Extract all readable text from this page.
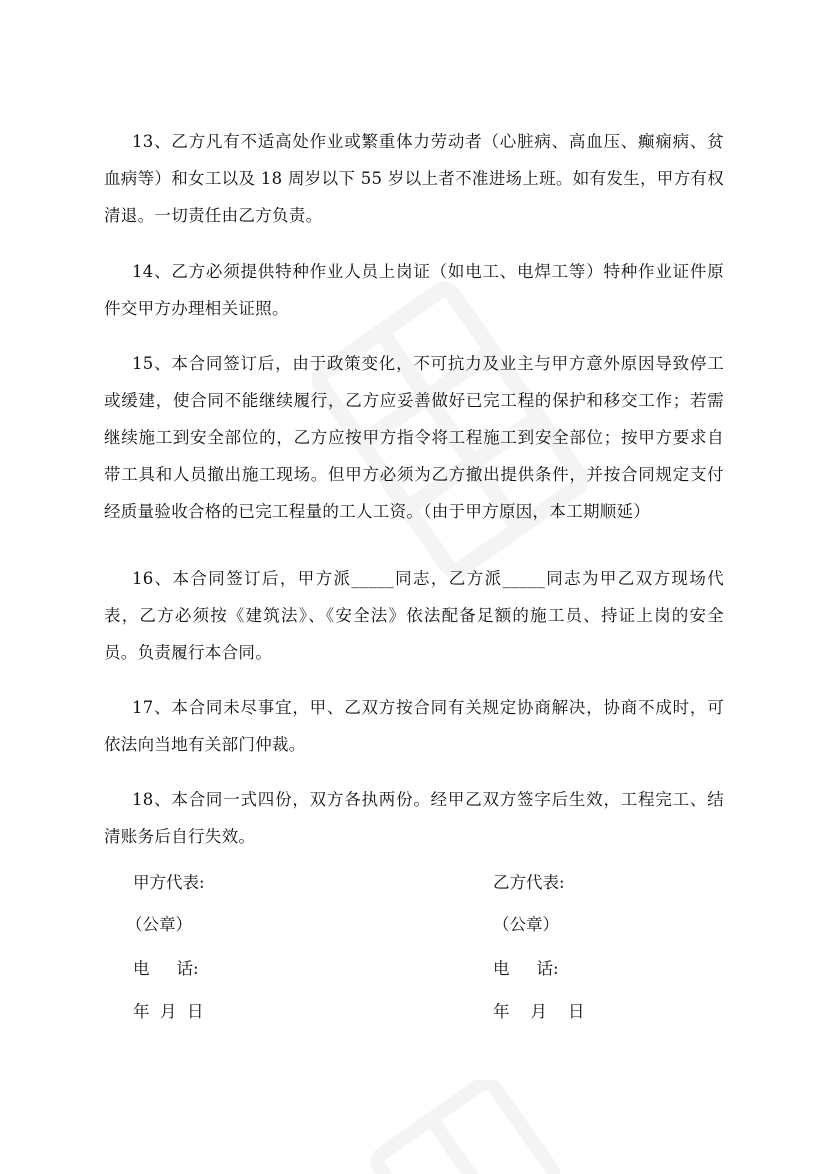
13、乙方凡有不适高处作业或繁重体力劳动者（心脏病、高血压、癫痫病、贫血病等）和女工以及 18 周岁以下 55 岁以上者不准进场上班。如有发生，甲方有权清退。一切责任由乙方负责。

14、乙方必须提供特种作业人员上岗证（如电工、电焊工等）特种作业证件原件交甲方办理相关证照。

15、本合同签订后，由于政策变化，不可抗力及业主与甲方意外原因导致停工或缓建，使合同不能继续履行，乙方应妥善做好已完工程的保护和移交工作；若需继续施工到安全部位的，乙方应按甲方指令将工程施工到安全部位；按甲方要求自带工具和人员撤出施工现场。但甲方必须为乙方撤出提供条件，并按合同规定支付经质量验收合格的已完工程量的工人工资。（由于甲方原因，本工期顺延）

16、本合同签订后，甲方派_____同志，乙方派_____同志为甲乙双方现场代表，乙方必须按《建筑法》、《安全法》依法配备足额的施工员、持证上岗的安全员。负责履行本合同。

17、本合同未尽事宜，甲、乙双方按合同有关规定协商解决，协商不成时，可依法向当地有关部门仲裁。

18、本合同一式四份，双方各执两份。经甲乙双方签字后生效，工程完工、结清账务后自行失效。

甲方代表:
（公章）
电　  话:
年  月  日
乙方代表:
（公章）
电　  话:
年    月    日
